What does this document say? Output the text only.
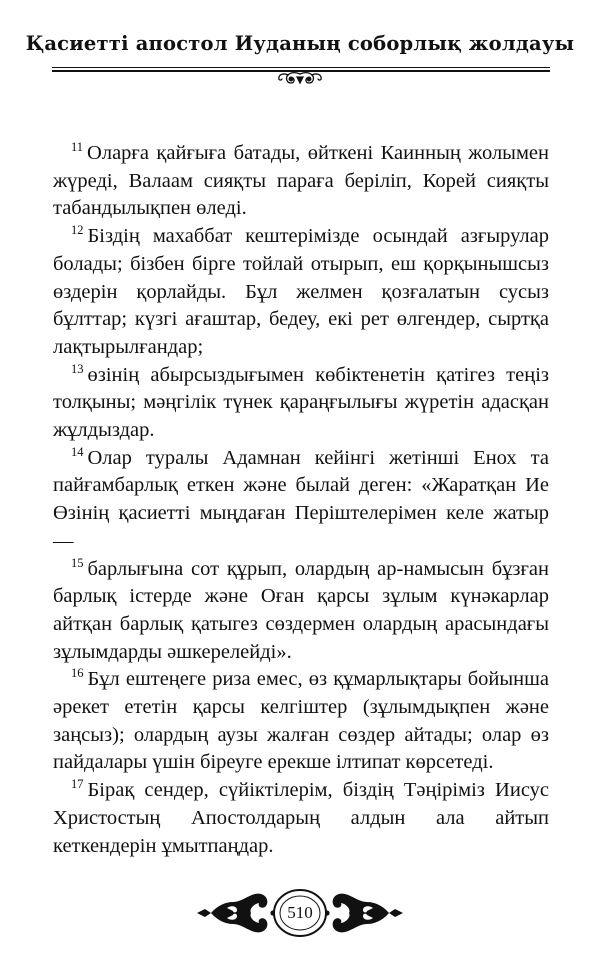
Қасиетті апостол Иуданың соборлық жолдауы

$^{11}$ Оларға қайғыға батады, өйткені Каинның жолымен жүреді, Валаам сияқты параға беріліп, Корей сияқты табандылықпен өледі.

$^{12}$ Біздің махаббат кештерімізде осындай азғырулар болады; бізбен бірге тойлай отырып, еш қорқынышсыз өздерін қорлайды. Бұл желмен қозғалатын сусыз бұлттар; күзгі ағаштар, бедеу, екі рет өлгендер, сыртқа лақтырылғандар;

$^{13}$ өзінің абырсыздығымен көбіктенетін қатігез теңіз толқыны; мәңгілік түнек қараңғылығы жүретін адасқан жұлдыздар.

$^{14}$ Олар туралы Адамнан кейінгі жетінші Енох та пайғамбарлық еткен және былай деген: «Жаратқан Ие Өзінің қасиетті мыңдаған Періштелерімен келе жатыр —

$^{15}$ барлығына сот құрып, олардың ар-намысын бұзған барлық істерде және Оған қарсы зұлым күнәкарлар айтқан барлық қатыгез сөздермен олардың арасындағы зұлымдарды әшкерелейді».

$^{16}$ Бұл ештеңеге риза емес, өз құмарлықтары бойынша әрекет ететін қарсы келгіштер (зұлымдықпен және заңсыз); олардың аузы жалған сөздер айтады; олар өз пайдалары үшін біреуге ерекше ілтипат көрсетеді.

$^{17}$ Бірақ сендер, сүйіктілерім, біздің Тәңіріміз Иисус Христостың Апостолдарың алдын ала айтып кеткендерін ұмытпаңдар.

510
